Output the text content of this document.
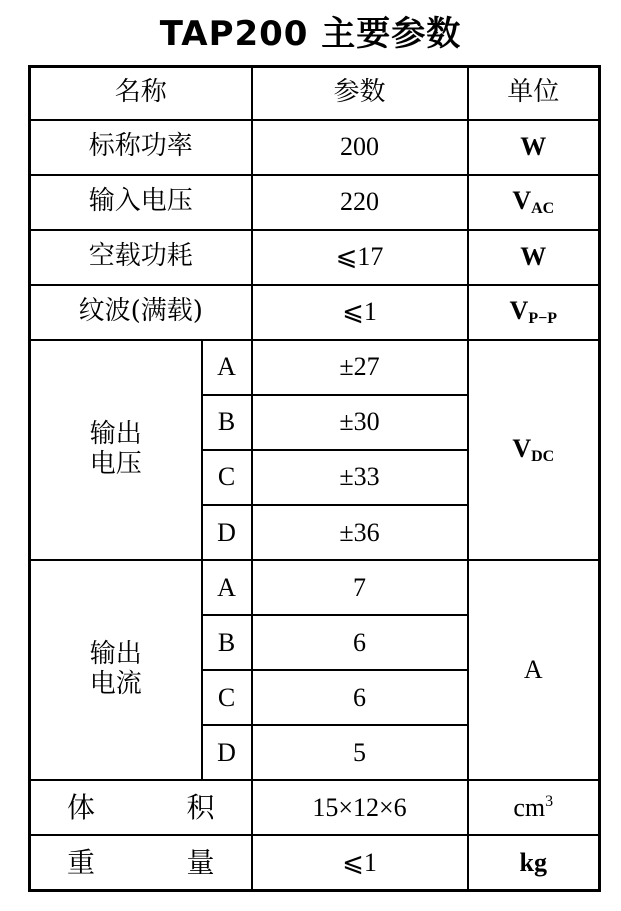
TAP200 主要参数
名称		参数	单位
标称功率		200	W
输入电压		220	$V_{AC}$
空载功耗		⩽17	W
纹波(满载)		⩽1	$V_{P-P}$

输出
电压	A	±27	$V_{DC}$
	B	±30	
	C	±33	
	D	±36	

输出
电流	A	7	A
	B	6	
	C	6	
	D	5	

体 积		15×12×6	$cm^3$

重 量		⩽1	kg
